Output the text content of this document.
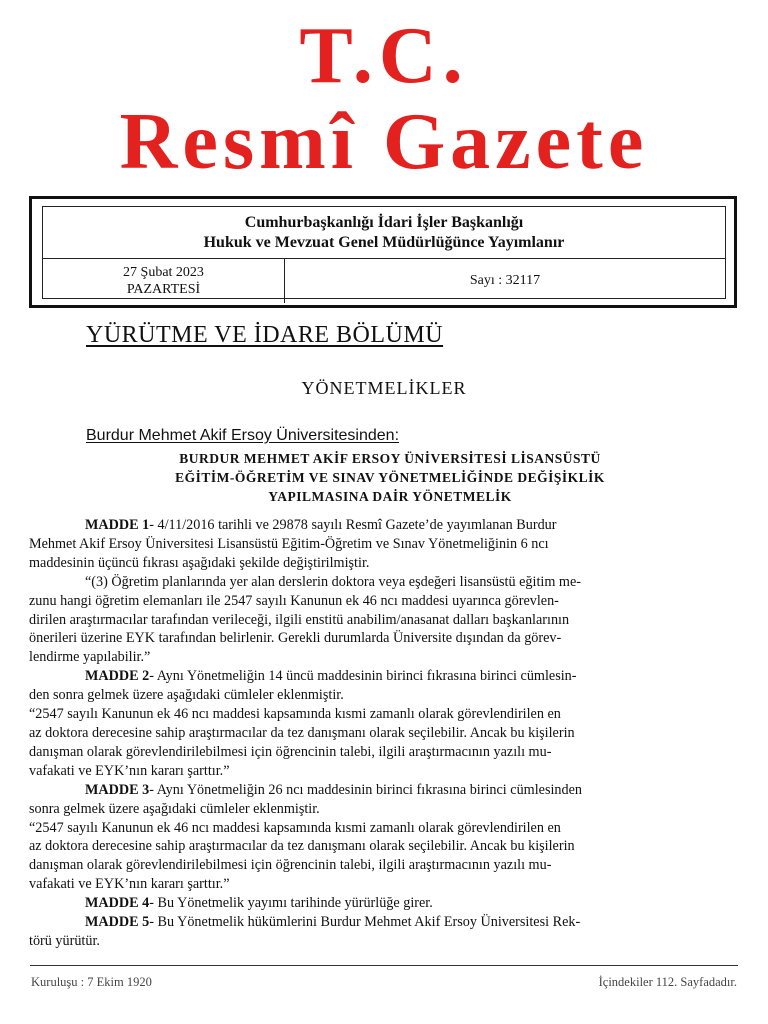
T.C.
Resmî Gazete
Cumhurbaşkanlığı İdari İşler Başkanlığı
Hukuk ve Mevzuat Genel Müdürlüğünce Yayımlanır
27 Şubat 2023
PAZARTESİ
Sayı : 32117
YÜRÜTME VE İDARE BÖLÜMÜ
YÖNETMELİKLER
Burdur Mehmet Akif Ersoy Üniversitesinden:
BURDUR MEHMET AKİF ERSOY ÜNİVERSİTESİ LİSANSÜSTÜ
EĞİTİM-ÖĞRETİM VE SINAV YÖNETMELİĞİNDE DEĞİŞİKLİK
YAPILMASINA DAİR YÖNETMELİK
MADDE 1- 4/11/2016 tarihli ve 29878 sayılı Resmî Gazete’de yayımlanan Burdur
Mehmet Akif Ersoy Üniversitesi Lisansüstü Eğitim-Öğretim ve Sınav Yönetmeliğinin 6 ncı
maddesinin üçüncü fıkrası aşağıdaki şekilde değiştirilmiştir.
“(3) Öğretim planlarında yer alan derslerin doktora veya eşdeğeri lisansüstü eğitim me-
zunu hangi öğretim elemanları ile 2547 sayılı Kanunun ek 46 ncı maddesi uyarınca görevlen-
dirilen araştırmacılar tarafından verileceği, ilgili enstitü anabilim/anasanat dalları başkanlarının
önerileri üzerine EYK tarafından belirlenir. Gerekli durumlarda Üniversite dışından da görev-
lendirme yapılabilir.”
MADDE 2- Aynı Yönetmeliğin 14 üncü maddesinin birinci fıkrasına birinci cümlesin-
den sonra gelmek üzere aşağıdaki cümleler eklenmiştir.
“2547 sayılı Kanunun ek 46 ncı maddesi kapsamında kısmi zamanlı olarak görevlendirilen en
az doktora derecesine sahip araştırmacılar da tez danışmanı olarak seçilebilir. Ancak bu kişilerin
danışman olarak görevlendirilebilmesi için öğrencinin talebi, ilgili araştırmacının yazılı mu-
vafakati ve EYK’nın kararı şarttır.”
MADDE 3- Aynı Yönetmeliğin 26 ncı maddesinin birinci fıkrasına birinci cümlesinden
sonra gelmek üzere aşağıdaki cümleler eklenmiştir.
“2547 sayılı Kanunun ek 46 ncı maddesi kapsamında kısmi zamanlı olarak görevlendirilen en
az doktora derecesine sahip araştırmacılar da tez danışmanı olarak seçilebilir. Ancak bu kişilerin
danışman olarak görevlendirilebilmesi için öğrencinin talebi, ilgili araştırmacının yazılı mu-
vafakati ve EYK’nın kararı şarttır.”
MADDE 4- Bu Yönetmelik yayımı tarihinde yürürlüğe girer.
MADDE 5- Bu Yönetmelik hükümlerini Burdur Mehmet Akif Ersoy Üniversitesi Rek-
törü yürütür.
Kuruluşu : 7 Ekim 1920	İçindekiler 112. Sayfadadır.
